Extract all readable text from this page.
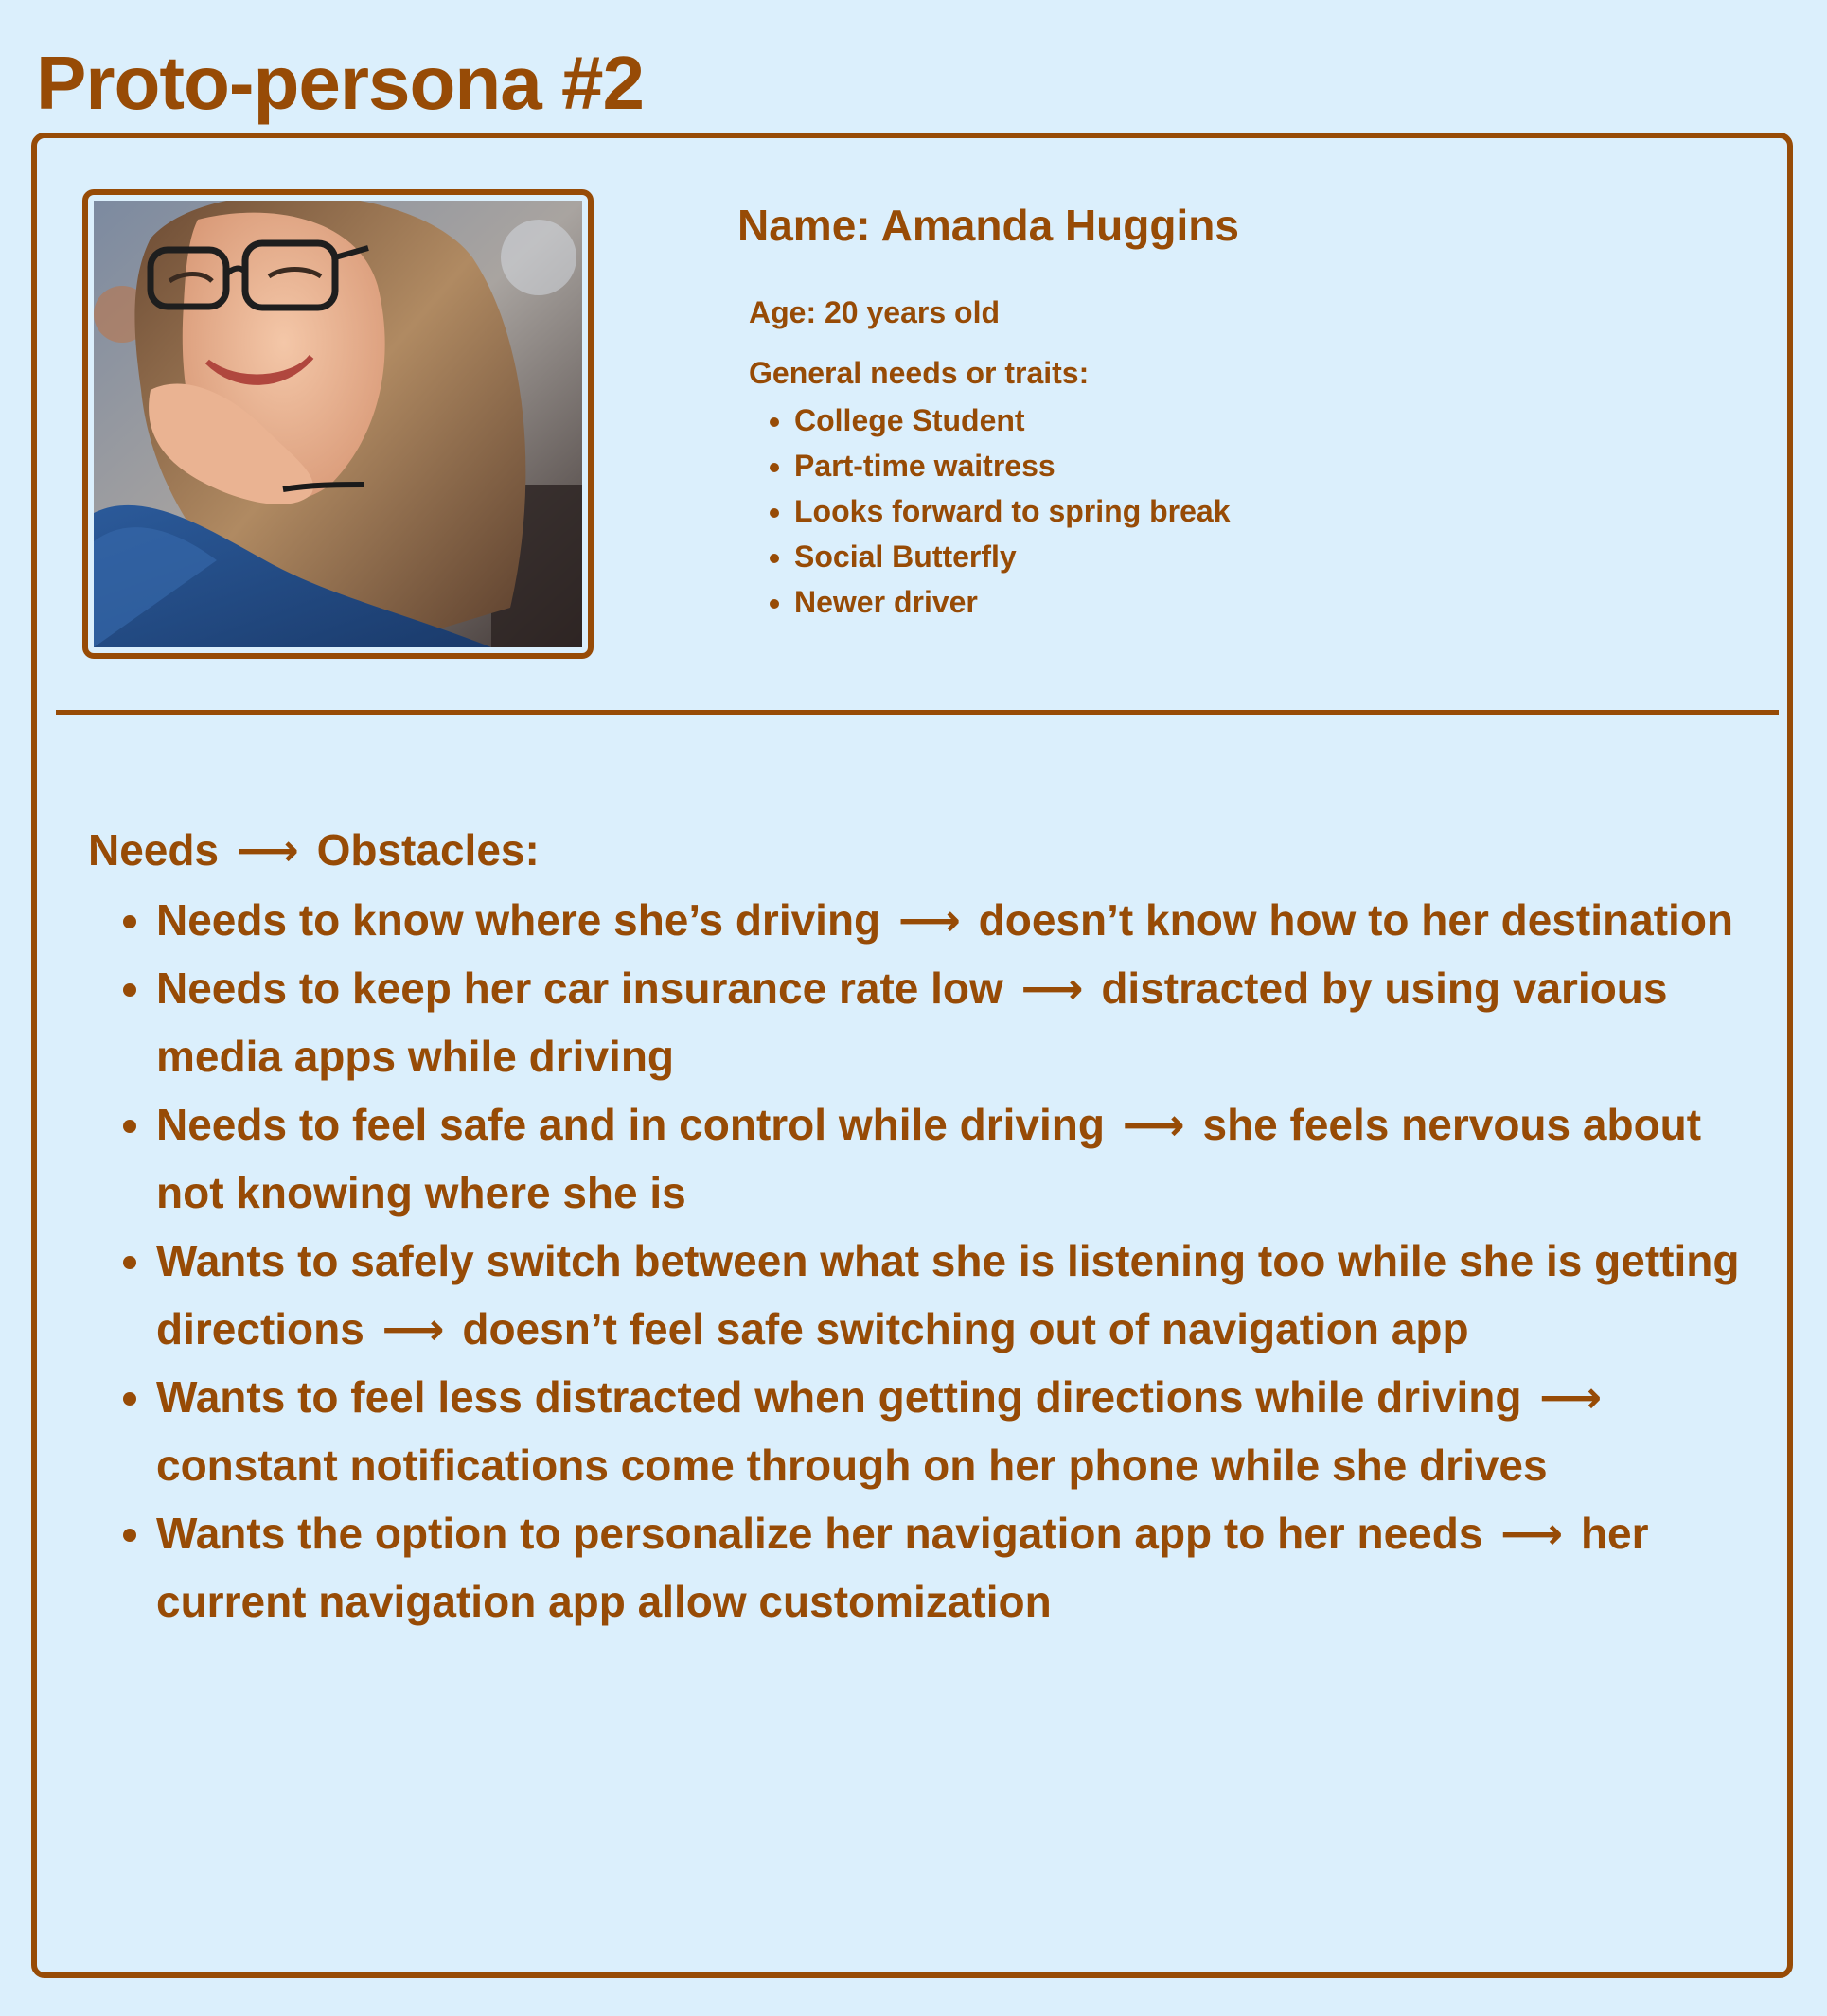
Proto-persona #2

Name: Amanda Huggins

Age: 20 years old

General needs or traits:

• College Student
• Part-time waitress
• Looks forward to spring break
• Social Butterfly
• Newer driver

Needs ⟶ Obstacles:

• Needs to know where she’s driving ⟶ doesn’t know how to her destination
• Needs to keep her car insurance rate low ⟶ distracted by using various media apps while driving
• Needs to feel safe and in control while driving ⟶ she feels nervous about not knowing where she is
• Wants to safely switch between what she is listening too while she is getting directions ⟶ doesn’t feel safe switching out of navigation app
• Wants to feel less distracted when getting directions while driving ⟶ constant notifications come through on her phone while she drives
• Wants the option to personalize her navigation app to her needs ⟶ her current navigation app allow customization
